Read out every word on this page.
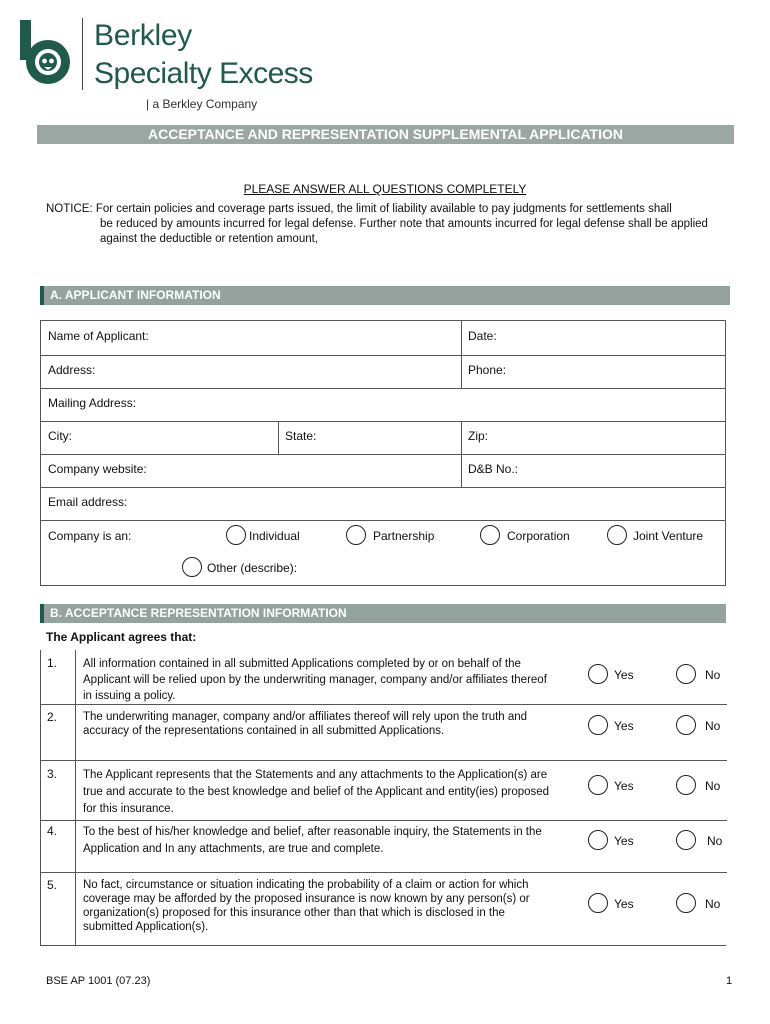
Berkley
Specialty Excess
| a Berkley Company
ACCEPTANCE AND REPRESENTATION SUPPLEMENTAL APPLICATION
PLEASE ANSWER ALL QUESTIONS COMPLETELY
NOTICE: For certain policies and coverage parts issued, the limit of liability available to pay judgments for settlements shall
be reduced by amounts incurred for legal defense. Further note that amounts incurred for legal defense shall be applied against the deductible or retention amount,
A. APPLICANT INFORMATION
Name of Applicant:	Date:
Address:	Phone:
Mailing Address:
City:	State:	Zip:
Company website:	D&B No.:
Email address:
Company is an:	Individual	Partnership	Corporation	Joint Venture
Other (describe):
B. ACCEPTANCE REPRESENTATION INFORMATION
The Applicant agrees that:
1. All information contained in all submitted Applications completed by or on behalf of the Applicant will be relied upon by the underwriting manager, company and/or affiliates thereof in issuing a policy.
Yes	No
2. The underwriting manager, company and/or affiliates thereof will rely upon the truth and accuracy of the representations contained in all submitted Applications.	Yes	No
3. The Applicant represents that the Statements and any attachments to the Application(s) are true and accurate to the best knowledge and belief of the Applicant and entity(ies) proposed for this insurance.
Yes	No
4. To the best of his/her knowledge and belief, after reasonable inquiry, the Statements in the Application and In any attachments, are true and complete.
Yes	No
5. No fact, circumstance or situation indicating the probability of a claim or action for which coverage may be afforded by the proposed insurance is now known by any person(s) or organization(s) proposed for this insurance other than that which is disclosed in the submitted Application(s).
Yes	No
BSE AP 1001 (07.23)	1
